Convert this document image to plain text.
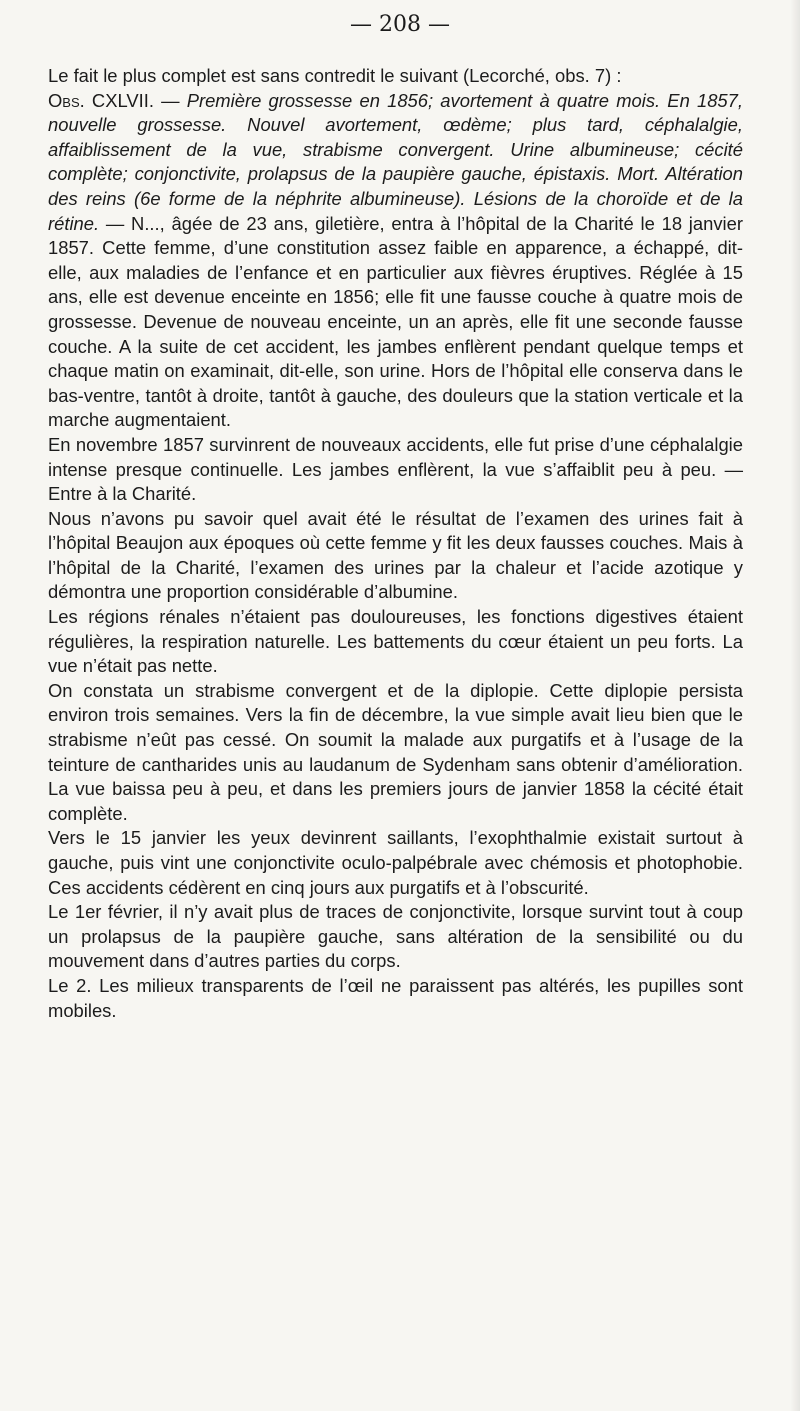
— 208 —

Le fait le plus complet est sans contredit le suivant (Lecorché, obs. 7) :

Obs. CXLVII. — Première grossesse en 1856; avortement à quatre mois. En 1857, nouvelle grossesse. Nouvel avortement, œdème; plus tard, céphalalgie, affaiblissement de la vue, strabisme convergent. Urine albumineuse; cécité complète; conjonctivite, prolapsus de la paupière gauche, épistaxis. Mort. Altération des reins (6e forme de la néphrite albumineuse). Lésions de la choroïde et de la rétine. — N..., âgée de 23 ans, giletière, entra à l’hôpital de la Charité le 18 janvier 1857. Cette femme, d’une constitution assez faible en apparence, a échappé, dit-elle, aux maladies de l’enfance et en particulier aux fièvres éruptives. Réglée à 15 ans, elle est devenue enceinte en 1856; elle fit une fausse couche à quatre mois de grossesse. Devenue de nouveau enceinte, un an après, elle fit une seconde fausse couche. A la suite de cet accident, les jambes enflèrent pendant quelque temps et chaque matin on examinait, dit-elle, son urine. Hors de l’hôpital elle conserva dans le bas-ventre, tantôt à droite, tantôt à gauche, des douleurs que la station verticale et la marche augmentaient.

En novembre 1857 survinrent de nouveaux accidents, elle fut prise d’une céphalalgie intense presque continuelle. Les jambes enflèrent, la vue s’affaiblit peu à peu. — Entre à la Charité.

Nous n’avons pu savoir quel avait été le résultat de l’examen des urines fait à l’hôpital Beaujon aux époques où cette femme y fit les deux fausses couches. Mais à l’hôpital de la Charité, l’examen des urines par la chaleur et l’acide azotique y démontra une proportion considérable d’albumine.

Les régions rénales n’étaient pas douloureuses, les fonctions digestives étaient régulières, la respiration naturelle. Les battements du cœur étaient un peu forts. La vue n’était pas nette.

On constata un strabisme convergent et de la diplopie. Cette diplopie persista environ trois semaines. Vers la fin de décembre, la vue simple avait lieu bien que le strabisme n’eût pas cessé. On soumit la malade aux purgatifs et à l’usage de la teinture de cantharides unis au laudanum de Sydenham sans obtenir d’amélioration. La vue baissa peu à peu, et dans les premiers jours de janvier 1858 la cécité était complète.

Vers le 15 janvier les yeux devinrent saillants, l’exophthalmie existait surtout à gauche, puis vint une conjonctivite oculo-palpébrale avec chémosis et photophobie. Ces accidents cédèrent en cinq jours aux purgatifs et à l’obscurité.

Le 1er février, il n’y avait plus de traces de conjonctivite, lorsque survint tout à coup un prolapsus de la paupière gauche, sans altération de la sensibilité ou du mouvement dans d’autres parties du corps.

Le 2. Les milieux transparents de l’œil ne paraissent pas altérés, les pupilles sont mobiles.
